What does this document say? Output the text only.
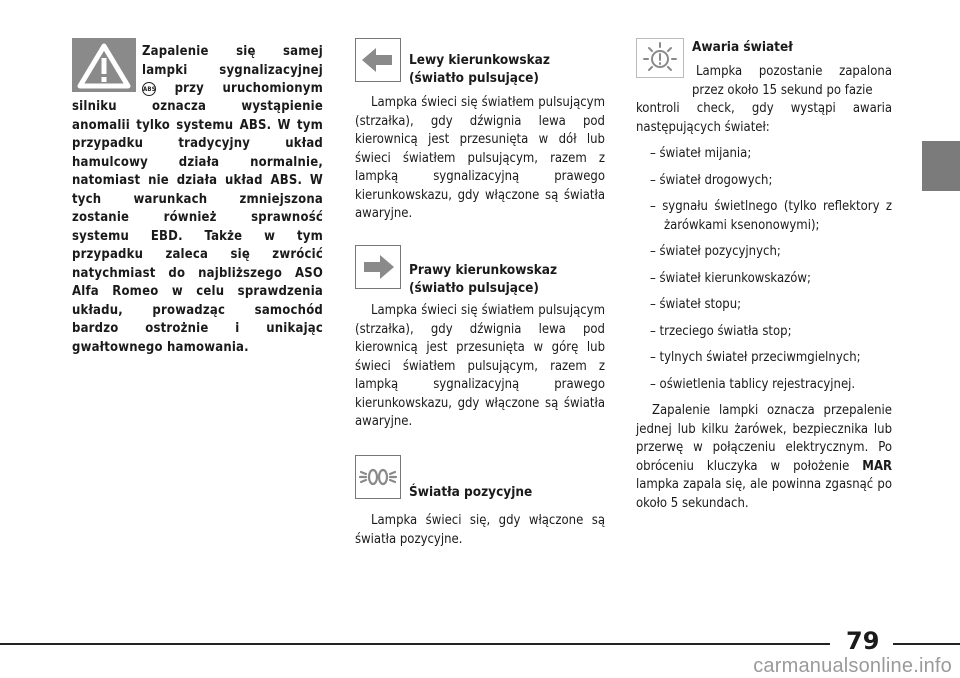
Zapalenie się samej

lampki sygnalizacyjnej

ABS przy uruchomionym

silniku oznacza wystąpienie anomalii tylko systemu ABS. W tym przypadku tradycyjny układ hamulcowy działa normalnie, natomiast nie działa układ ABS. W tych warunkach zmniejszona zostanie również sprawność systemu EBD. Także w tym przypadku zaleca się zwrócić natychmiast do najbliższego ASO Alfa Romeo w celu sprawdzenia układu, prowadząc samochód bardzo ostrożnie i unikając gwałtownego hamowania.

Lewy kierunkowskaz

(światło pulsujące)

Lampka świeci się światłem pulsującym (strzałka), gdy dźwignia lewa pod kierownicą jest przesunięta w dół lub świeci światłem pulsującym, razem z lampką sygnalizacyjną prawego kierunkowskazu, gdy włączone są światła awaryjne.

Prawy kierunkowskaz

(światło pulsujące)

Lampka świeci się światłem pulsującym (strzałka), gdy dźwignia lewa pod kierownicą jest przesunięta w górę lub świeci światłem pulsującym, razem z lampką sygnalizacyjną prawego kierunkowskazu, gdy włączone są światła awaryjne.

Światła pozycyjne

Lampka świeci się, gdy włączone są światła pozycyjne.

Awaria świateł

Lampka pozostanie zapalona przez około 15 sekund po fazie

kontroli check, gdy wystąpi awaria następujących świateł:

– świateł mijania;

– świateł drogowych;

– sygnału świetlnego (tylko reflektory z żarówkami ksenonowymi);

– świateł pozycyjnych;

– świateł kierunkowskazów;

– świateł stopu;

– trzeciego światła stop;

– tylnych świateł przeciwmgielnych;

– oświetlenia tablicy rejestracyjnej.

Zapalenie lampki oznacza przepalenie jednej lub kilku żarówek, bezpiecznika lub przerwę w połączeniu elektrycznym. Po obróceniu kluczyka w położenie MAR lampka zapala się, ale powinna zgasnąć po około 5 sekundach.

79
carmanualsonline.info
